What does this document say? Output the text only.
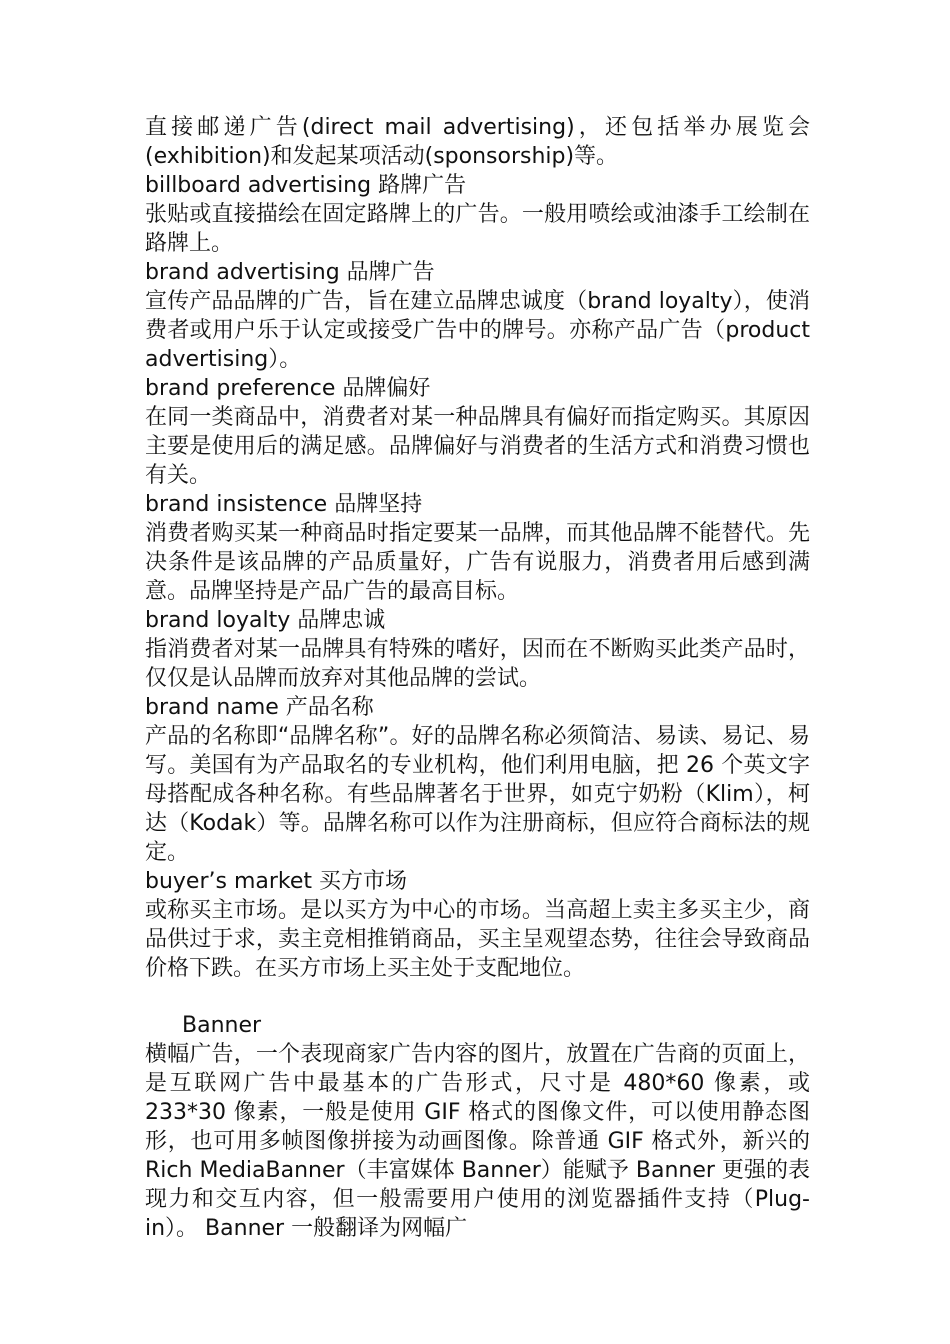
直接邮递广告(direct mail advertising)，还包括举办展览会(exhibition)和发起某项活动(sponsorship)等。

billboard advertising 路牌广告

张贴或直接描绘在固定路牌上的广告。一般用喷绘或油漆手工绘制在路牌上。

brand advertising 品牌广告

宣传产品品牌的广告，旨在建立品牌忠诚度（brand loyalty），使消费者或用户乐于认定或接受广告中的牌号。亦称产品广告（product advertising）。

brand preference 品牌偏好

在同一类商品中，消费者对某一种品牌具有偏好而指定购买。其原因主要是使用后的满足感。品牌偏好与消费者的生活方式和消费习惯也有关。

brand insistence 品牌坚持

消费者购买某一种商品时指定要某一品牌，而其他品牌不能替代。先决条件是该品牌的产品质量好，广告有说服力，消费者用后感到满意。品牌坚持是产品广告的最高目标。

brand loyalty 品牌忠诚

指消费者对某一品牌具有特殊的嗜好，因而在不断购买此类产品时，仅仅是认品牌而放弃对其他品牌的尝试。

brand name 产品名称

产品的名称即“品牌名称”。好的品牌名称必须简洁、易读、易记、易写。美国有为产品取名的专业机构，他们利用电脑，把 26 个英文字母搭配成各种名称。有些品牌著名于世界，如克宁奶粉（Klim），柯达（Kodak）等。品牌名称可以作为注册商标，但应符合商标法的规定。

buyer’s market 买方市场

或称买主市场。是以买方为中心的市场。当高超上卖主多买主少，商品供过于求，卖主竞相推销商品，买主呈观望态势，往往会导致商品价格下跌。在买方市场上买主处于支配地位。

Banner

横幅广告，一个表现商家广告内容的图片，放置在广告商的页面上，是互联网广告中最基本的广告形式，尺寸是 480*60 像素，或 233*30 像素，一般是使用 GIF 格式的图像文件，可以使用静态图形，也可用多帧图像拼接为动画图像。除普通 GIF 格式外，新兴的 Rich MediaBanner（丰富媒体 Banner）能赋予 Banner 更强的表现力和交互内容，但一般需要用户使用的浏览器插件支持（Plug-in）。 Banner 一般翻译为网幅广
